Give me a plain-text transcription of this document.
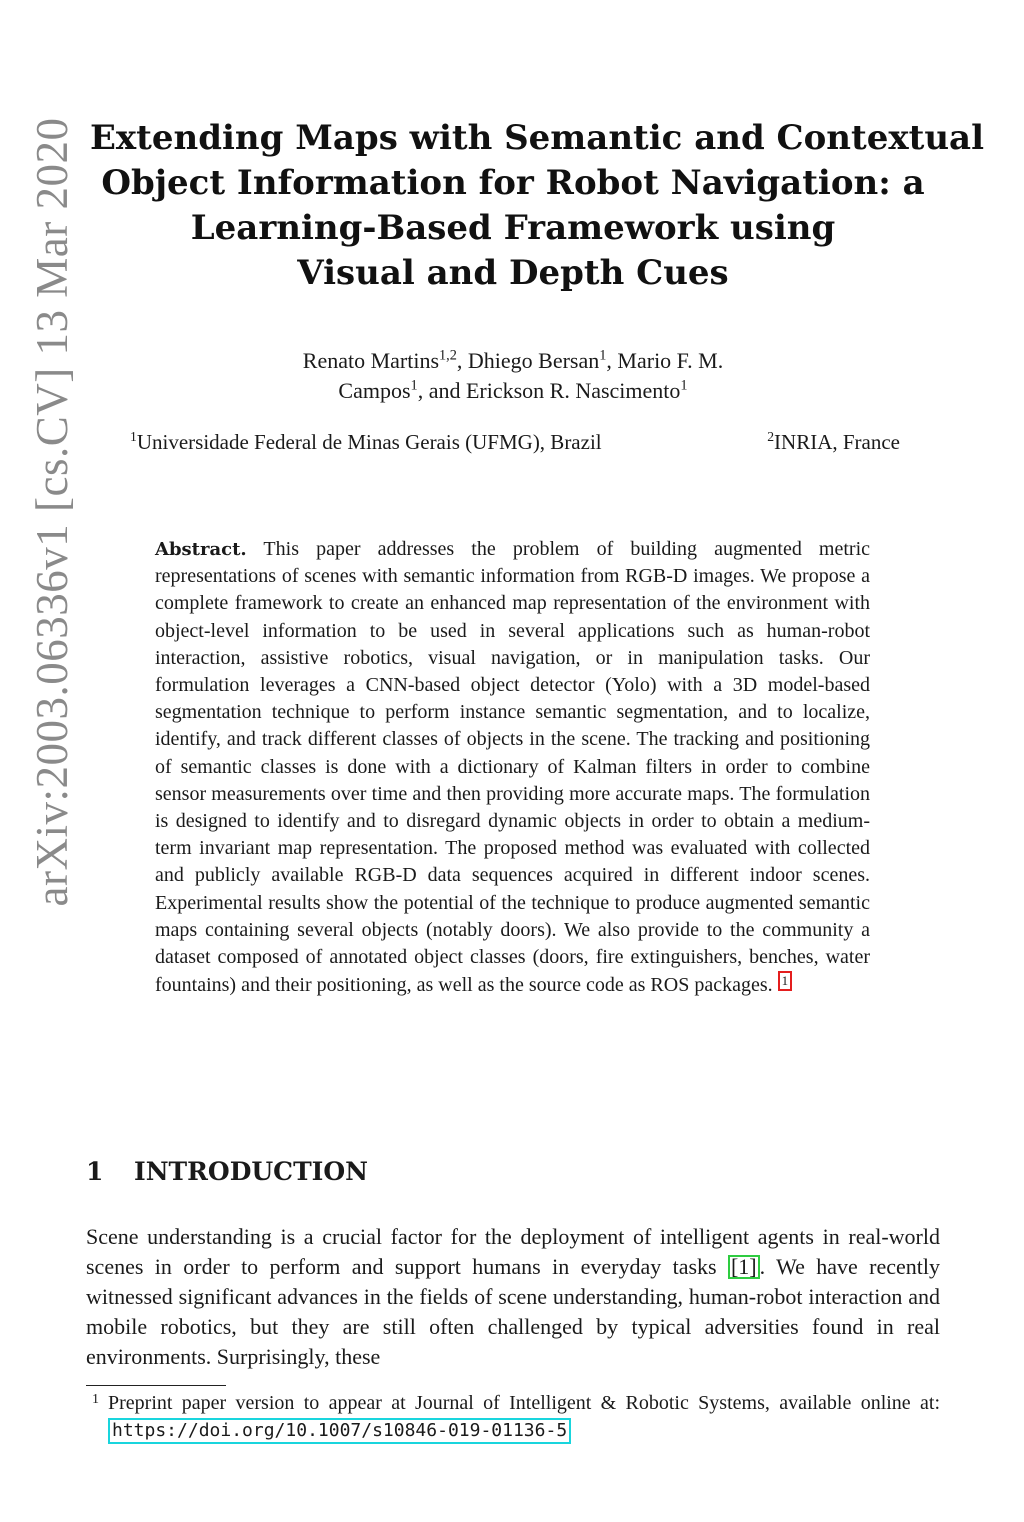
arXiv:2003.06336v1 [cs.CV] 13 Mar 2020 Extending Maps with Semantic and Contextual
Object Information for Robot Navigation: a
Learning-Based Framework using
Visual and Depth Cues
Renato Martins$^{1,2}$, Dhiego Bersan$^1$, Mario F. M.
Campos$^1$, and Erickson R. Nascimento$^1$
$^1$Universidade Federal de Minas Gerais (UFMG), Brazil	$^2$INRIA, France
Abstract. This paper addresses the problem of building augmented metric representations of scenes with semantic information from RGB-D images. We propose a complete framework to create an enhanced map representation of the environment with object-level information to be used in several applications such as human-robot interaction, assistive robotics, visual navigation, or in manipulation tasks. Our formulation leverages a CNN-based object detector (Yolo) with a 3D model-based segmentation technique to perform instance semantic segmentation, and to localize, identify, and track different classes of objects in the scene. The tracking and positioning of semantic classes is done with a dictionary of Kalman filters in order to combine sensor measurements over time and then providing more accurate maps. The formulation is designed to identify and to disregard dynamic objects in order to obtain a medium-term invariant map representation. The proposed method was evaluated with collected and publicly available RGB-D data sequences acquired in different indoor scenes. Experimental results show the potential of the technique to produce augmented semantic maps containing several objects (notably doors). We also provide to the community a dataset composed of annotated object classes (doors, fire extinguishers, benches, water fountains) and their positioning, as well as the source code as ROS packages. 1
1 INTRODUCTION
Scene understanding is a crucial factor for the deployment of intelligent agents in real-world scenes in order to perform and support humans in everyday tasks [1] . We have recently witnessed significant advances in the fields of scene understanding, human-robot interaction and mobile robotics, but they are still often challenged by typical adversities found in real environments. Surprisingly, these
1 Preprint paper version to appear at Journal of Intelligent & Robotic Systems, available online at: https://doi.org/10.1007/s10846-019-01136-5
